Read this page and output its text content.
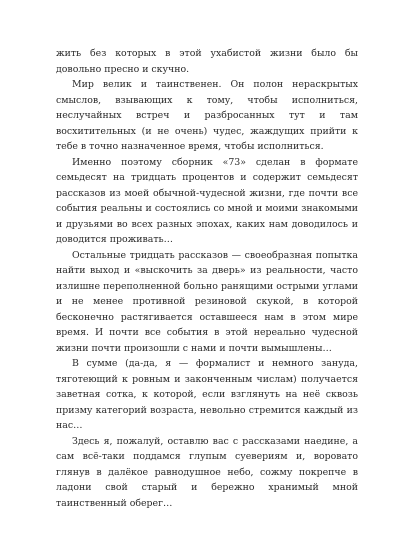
жить без которых в этой ухабистой жизни было бы довольно пресно и скучно.

Мир велик и таинственен. Он полон нераскрытых смыслов, взывающих к тому, чтобы исполниться, неслучайных встреч и разбросанных тут и там восхитительных (и не очень) чудес, жаждущих прийти к тебе в точно назначенное время, чтобы исполниться.

Именно поэтому сборник «73» сделан в формате семьдесят на тридцать процентов и содержит семьдесят рассказов из моей обычной-чудесной жизни, где почти все события реальны и состоялись со мной и моими знакомыми и друзьями во всех разных эпохах, каких нам доводилось и доводится проживать…

Остальные тридцать рассказов — своеобразная попытка найти выход и «выскочить за дверь» из реальности, часто излишне переполненной больно ранящими острыми углами и не менее противной резиновой скукой, в которой бесконечно растягивается оставшееся нам в этом мире время. И почти все события в этой нереально чудесной жизни почти произошли с нами и почти вымышлены…

В сумме (да-да, я — формалист и немного зануда, тяготеющий к ровным и законченным числам) получается заветная сотка, к которой, если взглянуть на неё сквозь призму категорий возраста, невольно стремится каждый из нас…

Здесь я, пожалуй, оставлю вас с рассказами наедине, а сам всё-таки поддамся глупым суевериям и, воровато глянув в далёкое равнодушное небо, сожму покрепче в ладони свой старый и бережно хранимый мной таинственный оберег…
